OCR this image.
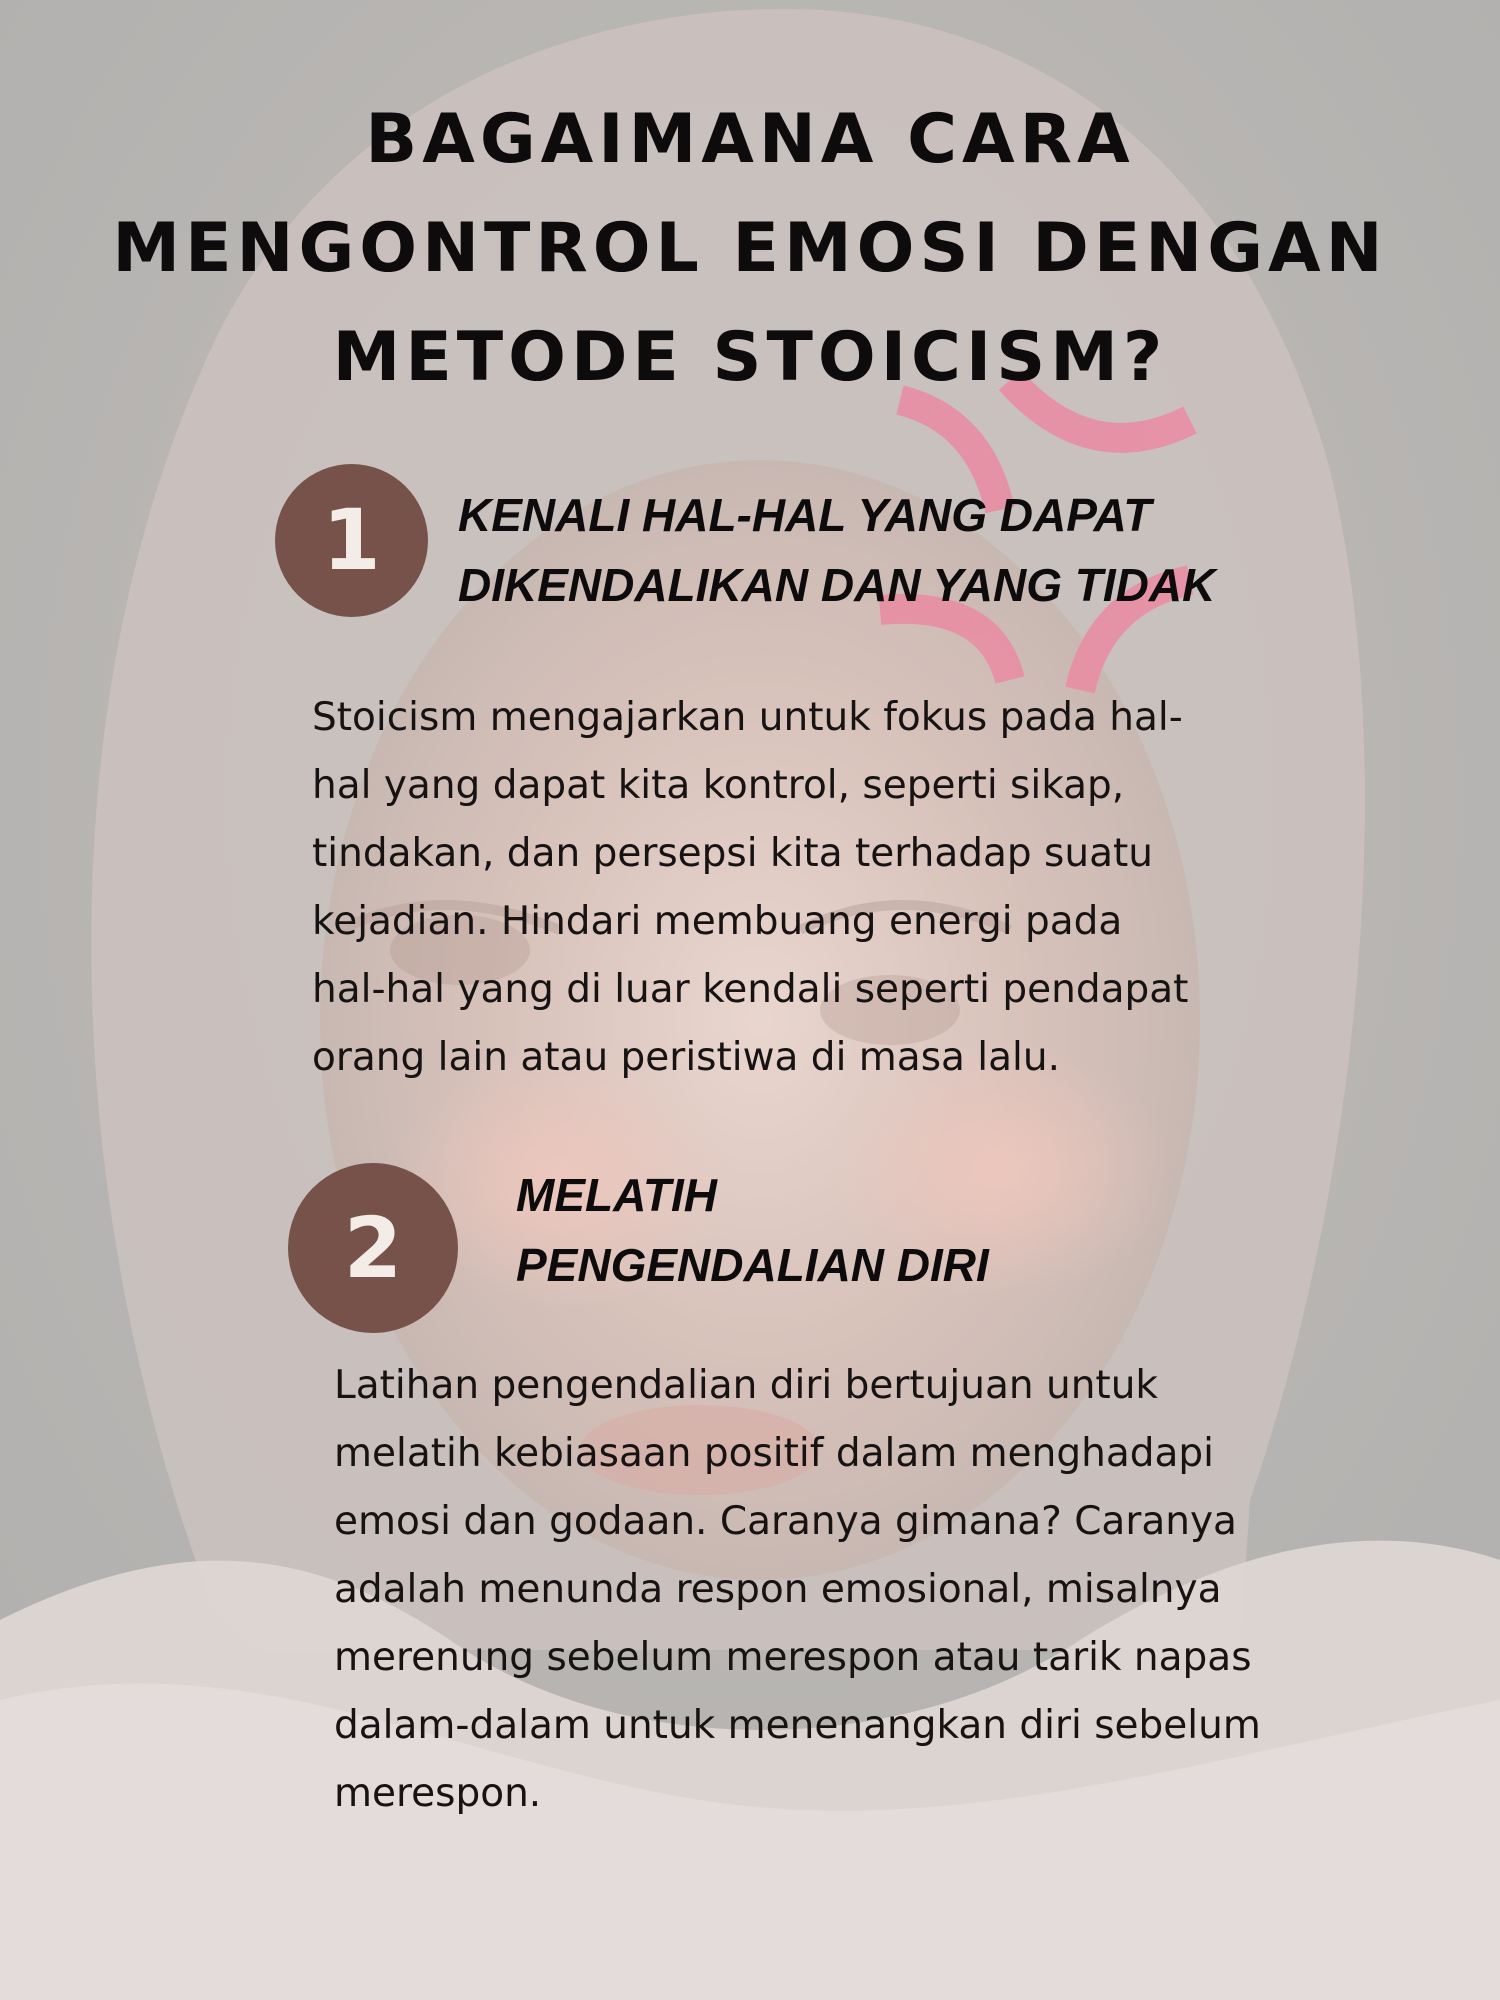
BAGAIMANA CARA
MENGONTROL EMOSI DENGAN
METODE STOICISM?
1	KENALI HAL-HAL YANG DAPAT
DIKENDALIKAN DAN YANG TIDAK

Stoicism mengajarkan untuk fokus pada hal-
hal yang dapat kita kontrol, seperti sikap,
tindakan, dan persepsi kita terhadap suatu
kejadian. Hindari membuang energi pada
hal-hal yang di luar kendali seperti pendapat
orang lain atau peristiwa di masa lalu.

2
MELATIH
PENGENDALIAN DIRI

Latihan pengendalian diri bertujuan untuk
melatih kebiasaan positif dalam menghadapi
emosi dan godaan. Caranya gimana? Caranya
adalah menunda respon emosional, misalnya
merenung sebelum merespon atau tarik napas
dalam-dalam untuk menenangkan diri sebelum
merespon.
